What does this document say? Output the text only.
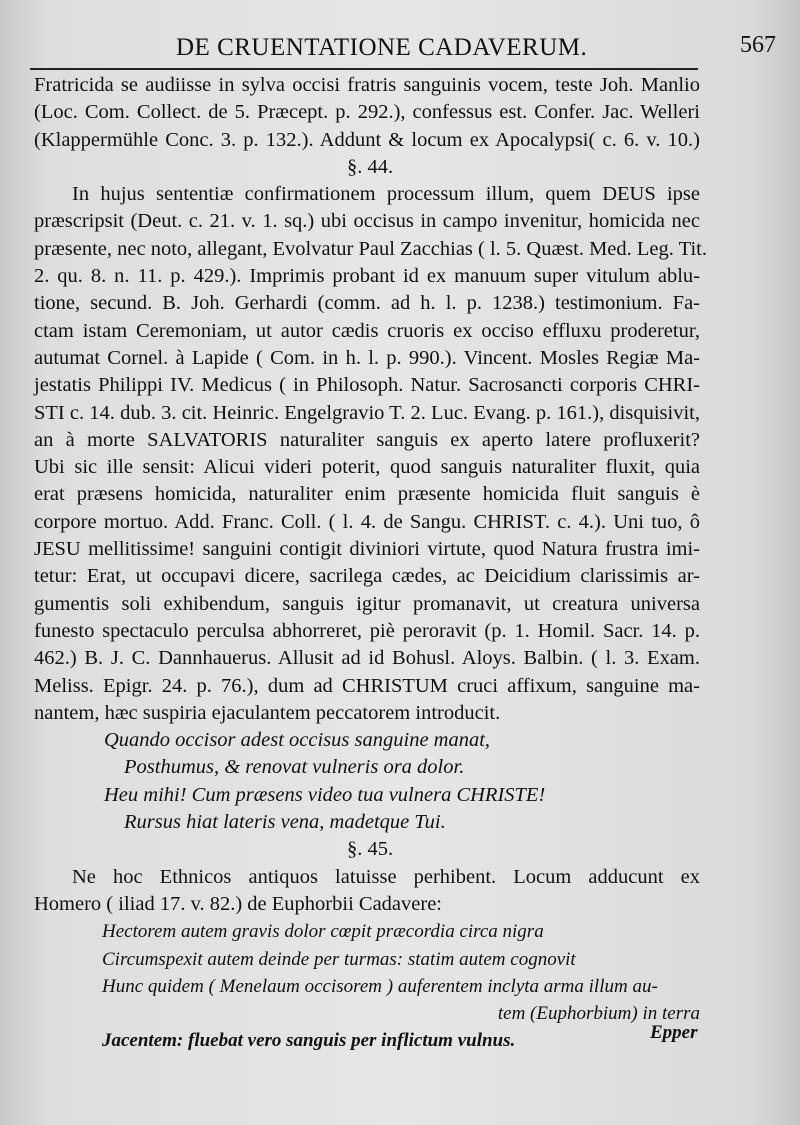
DE CRUENTATIONE CADAVERUM.	567
Fratricida se audiisse in sylva occisi fratris sanguinis vocem, teste Joh. Manlio
(Loc. Com. Collect. de 5. Præcept. p. 292.), confessus est. Confer. Jac. Welleri
(Klappermühle Conc. 3. p. 132.). Addunt & locum ex Apocalypsi( c. 6. v. 10.)
§. 44.
In hujus sententiæ confirmationem processum illum, quem DEUS ipse
præscripsit (Deut. c. 21. v. 1. sq.) ubi occisus in campo invenitur, homicida nec
præsente, nec noto, allegant, Evolvatur Paul Zacchias ( l. 5. Quæst. Med. Leg. Tit.
2. qu. 8. n. 11. p. 429.). Imprimis probant id ex manuum super vitulum ablu-
tione, secund. B. Joh. Gerhardi (comm. ad h. l. p. 1238.) testimonium. Fa-
ctam istam Ceremoniam, ut autor cædis cruoris ex occiso effluxu proderetur,
autumat Cornel. à Lapide ( Com. in h. l. p. 990.). Vincent. Mosles Regiæ Ma-
jestatis Philippi IV. Medicus ( in Philosoph. Natur. Sacrosancti corporis CHRI-
STI c. 14. dub. 3. cit. Heinric. Engelgravio T. 2. Luc. Evang. p. 161.), disquisivit,
an à morte SALVATORIS naturaliter sanguis ex aperto latere profluxerit?
Ubi sic ille sensit: Alicui videri poterit, quod sanguis naturaliter fluxit, quia
erat præsens homicida, naturaliter enim præsente homicida fluit sanguis è
corpore mortuo. Add. Franc. Coll. ( l. 4. de Sangu. CHRIST. c. 4.). Uni tuo, ô
JESU mellitissime! sanguini contigit diviniori virtute, quod Natura frustra imi-
tetur: Erat, ut occupavi dicere, sacrilega cædes, ac Deicidium clarissimis ar-
gumentis soli exhibendum, sanguis igitur promanavit, ut creatura universa
funesto spectaculo perculsa abhorreret, piè peroravit (p. 1. Homil. Sacr. 14. p.
462.) B. J. C. Dannhauerus. Allusit ad id Bohusl. Aloys. Balbin. ( l. 3. Exam.
Meliss. Epigr. 24. p. 76.), dum ad CHRISTUM cruci affixum, sanguine ma-
nantem, hæc suspiria ejaculantem peccatorem introducit.
Quando occisor adest occisus sanguine manat,
Posthumus, & renovat vulneris ora dolor.
Heu mihi! Cum præsens video tua vulnera CHRISTE!
Rursus hiat lateris vena, madetque Tui.
§. 45.
Ne hoc Ethnicos antiquos latuisse perhibent. Locum adducunt ex
Homero ( iliad 17. v. 82.) de Euphorbii Cadavere:
Hectorem autem gravis dolor cœpit præcordia circa nigra
Circumspexit autem deinde per turmas: statim autem cognovit
Hunc quidem ( Menelaum occisorem ) auferentem inclyta arma illum au-
tem (Euphorbium) in terra
Jacentem: fluebat vero sanguis per inflictum vulnus.	Epper
